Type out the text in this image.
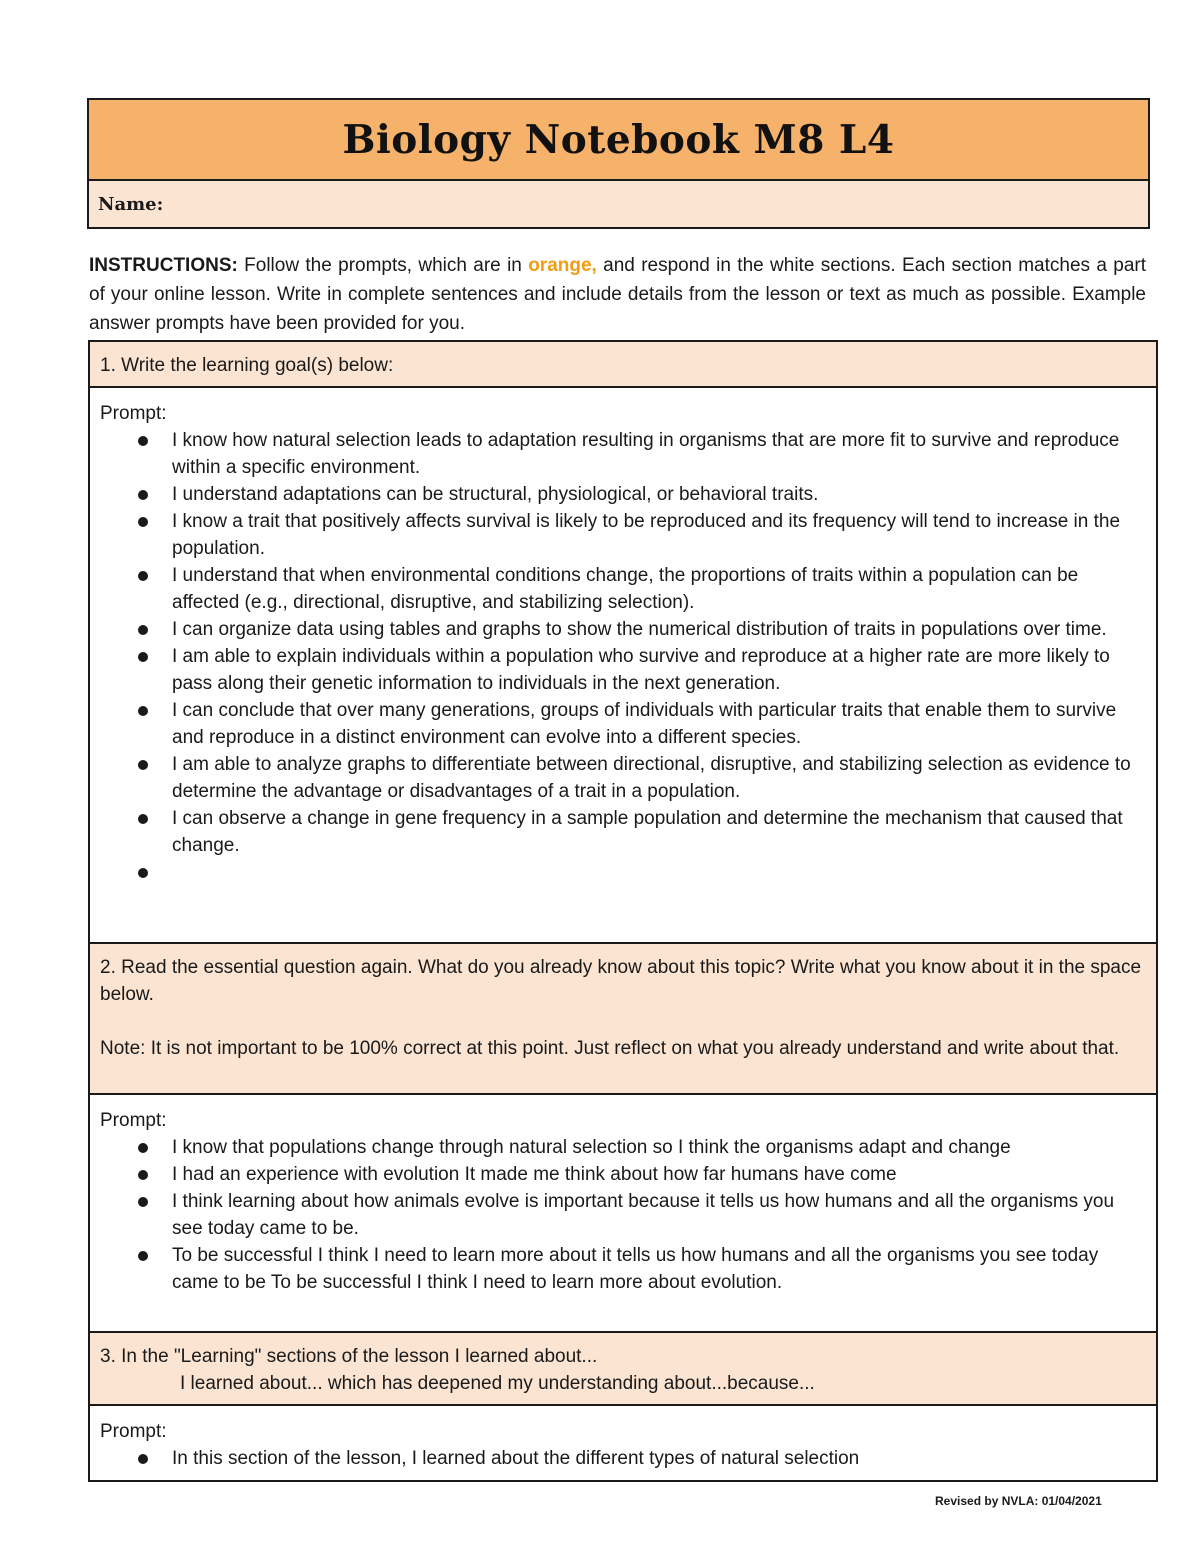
Biology Notebook M8 L4
Name:

INSTRUCTIONS: Follow the prompts, which are in orange, and respond in the white sections. Each section matches a part of your online lesson. Write in complete sentences and include details from the lesson or text as much as possible. Example answer prompts have been provided for you.

1. Write the learning goal(s) below:

Prompt:

I know how natural selection leads to adaptation resulting in organisms that are more fit to survive and reproduce within a specific environment.
I understand adaptations can be structural, physiological, or behavioral traits.
I know a trait that positively affects survival is likely to be reproduced and its frequency will tend to increase in the population.
I understand that when environmental conditions change, the proportions of traits within a population can be affected (e.g., directional, disruptive, and stabilizing selection).
I can organize data using tables and graphs to show the numerical distribution of traits in populations over time.
I am able to explain individuals within a population who survive and reproduce at a higher rate are more likely to pass along their genetic information to individuals in the next generation.
I can conclude that over many generations, groups of individuals with particular traits that enable them to survive and reproduce in a distinct environment can evolve into a different species.
I am able to analyze graphs to differentiate between directional, disruptive, and stabilizing selection as evidence to determine the advantage or disadvantages of a trait in a population.
I can observe a change in gene frequency in a sample population and determine the mechanism that caused that change.

2. Read the essential question again. What do you already know about this topic? Write what you know about it in the space below.

Note: It is not important to be 100% correct at this point. Just reflect on what you already understand and write about that.

Prompt:

I know that populations change through natural selection so I think the organisms adapt and change
I had an experience with evolution It made me think about how far humans have come
I think learning about how animals evolve is important because it tells us how humans and all the organisms you see today came to be.
To be successful I think I need to learn more about it tells us how humans and all the organisms you see today came to be To be successful I think I need to learn more about evolution.

3. In the "Learning" sections of the lesson I learned about...

I learned about... which has deepened my understanding about...because...

Prompt:

In this section of the lesson, I learned about the different types of natural selection
Revised by NVLA: 01/04/2021
